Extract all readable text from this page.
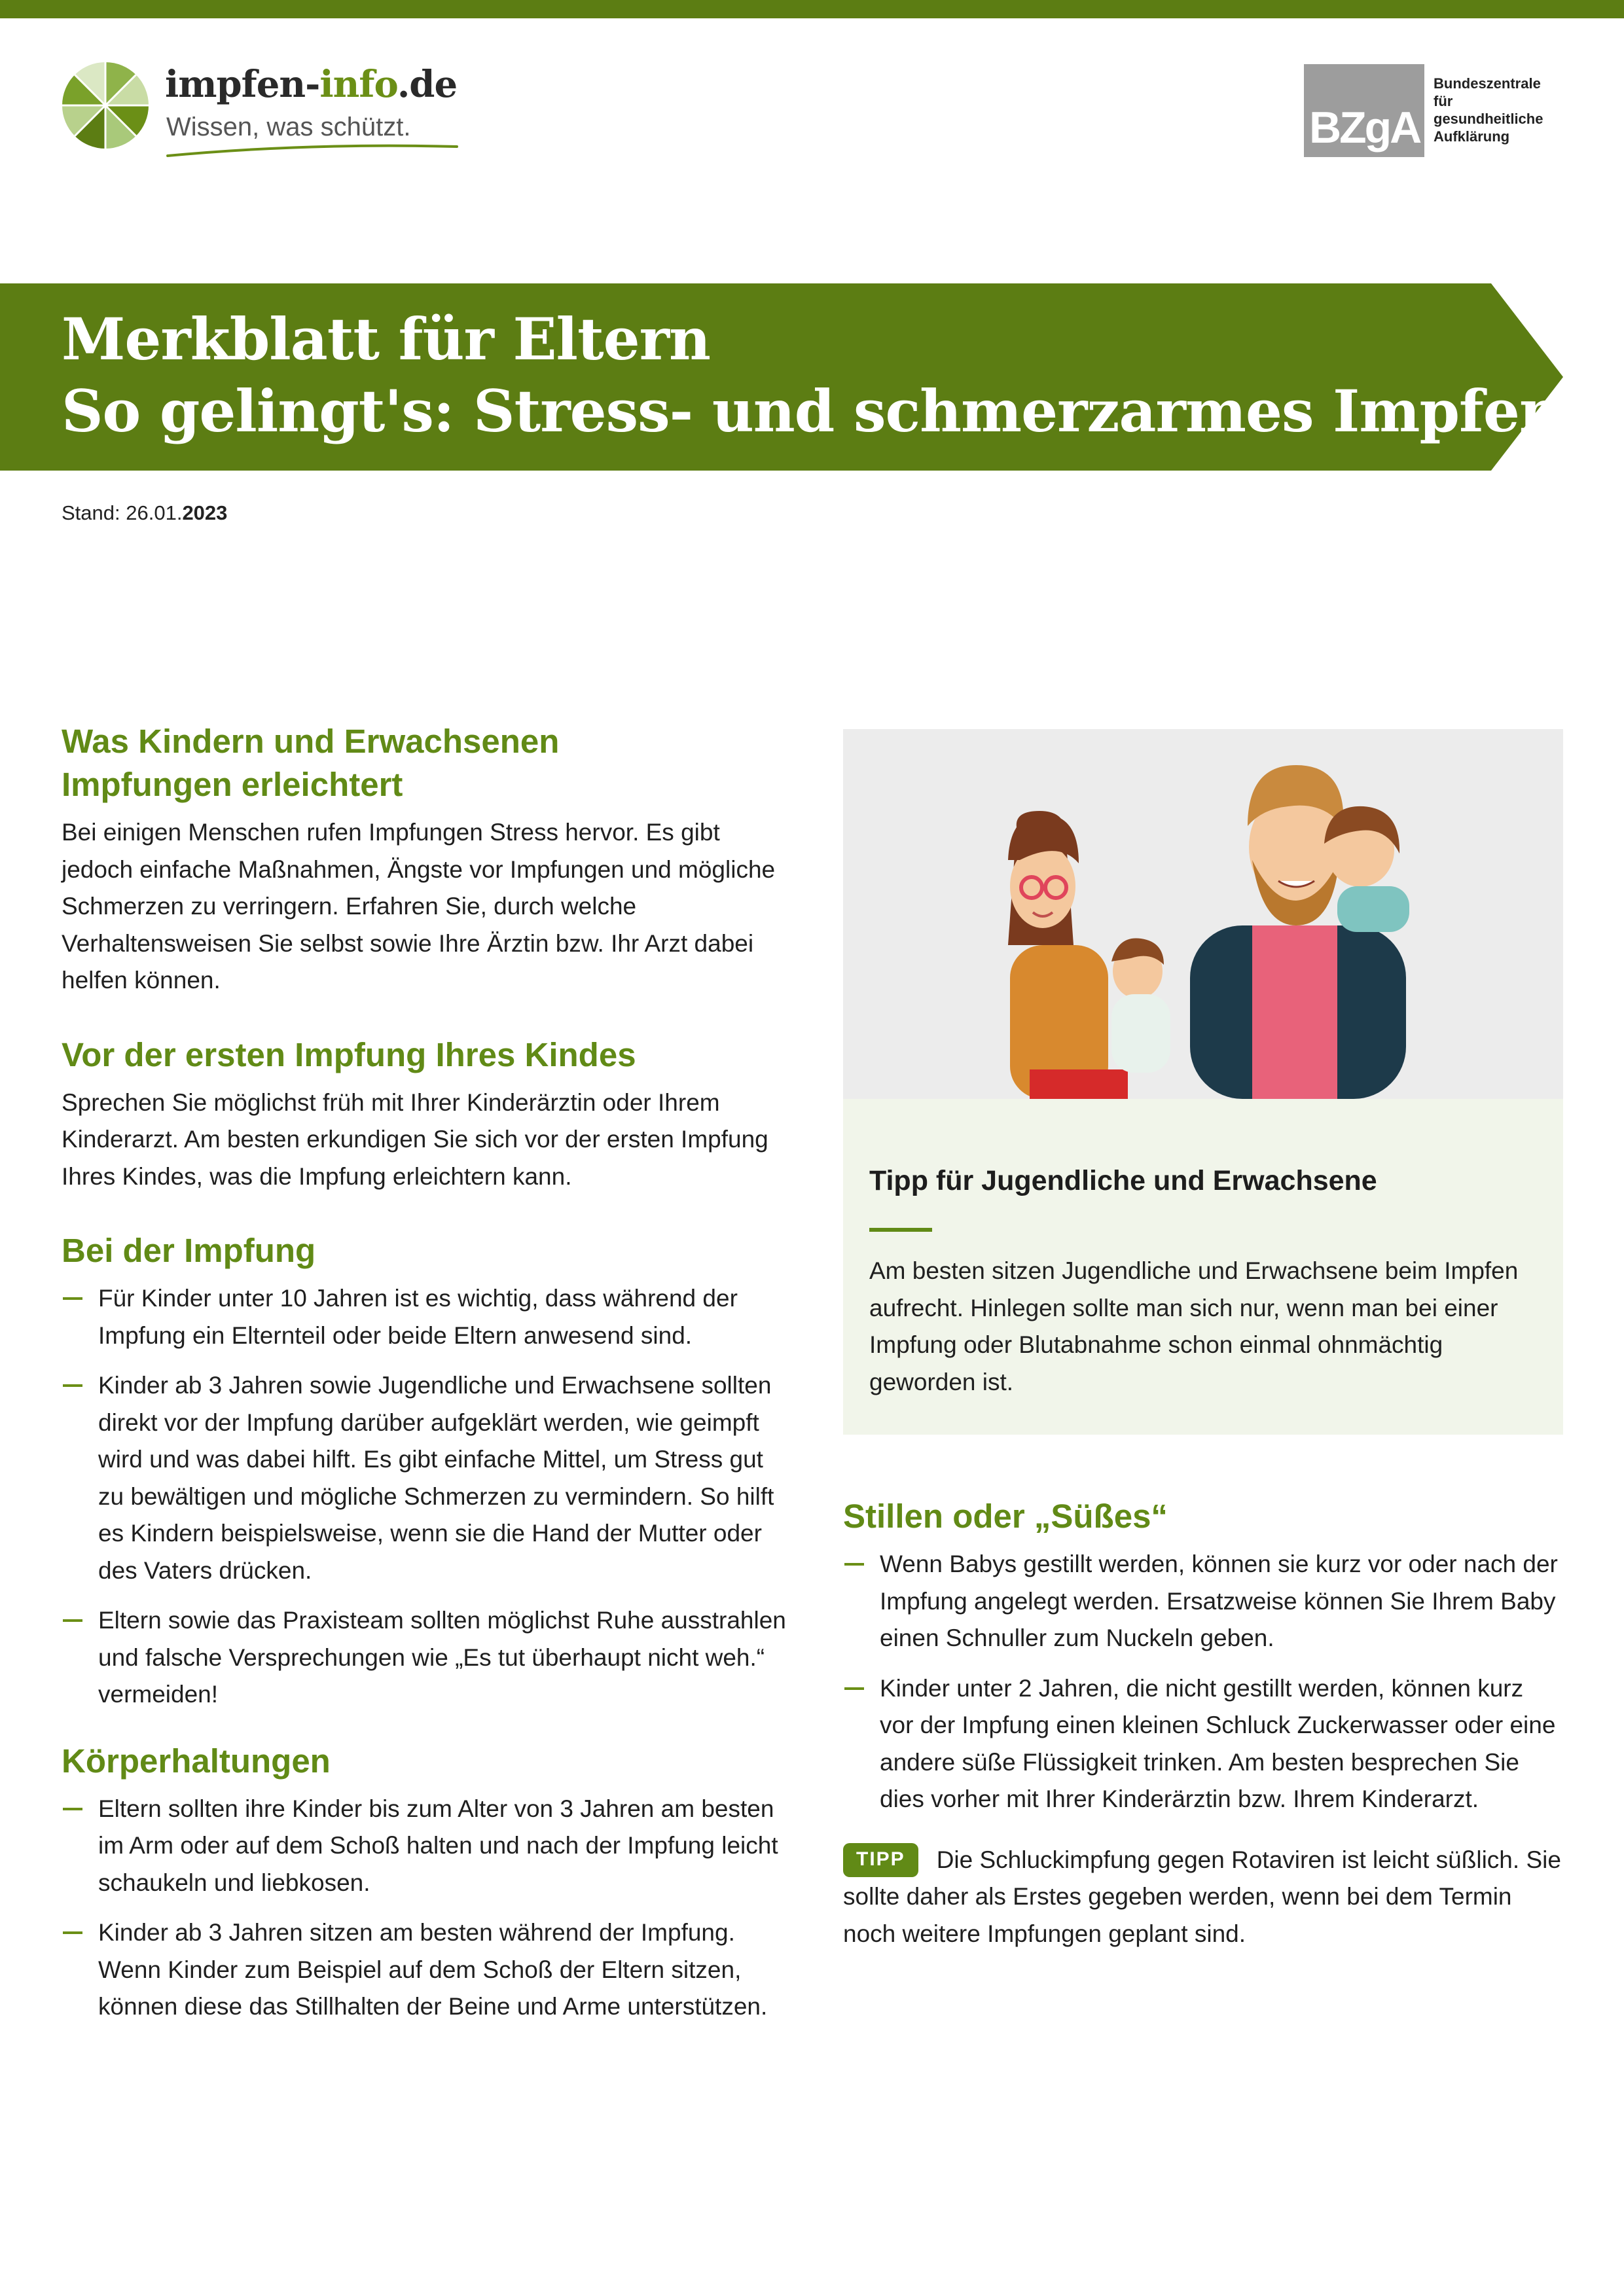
impfen-info.de
Wissen, was schützt.	BZgA
Bundeszentrale
für
gesundheitliche
Aufklärung
Merkblatt für Eltern
So gelingt's: Stress- und schmerzarmes Impfen
Stand: 26.01.2023
Was Kindern und Erwachsenen
Impfungen erleichtert

Bei einigen Menschen rufen Impfungen Stress hervor. Es gibt jedoch einfache Maßnahmen, Ängste vor Impfungen und mögliche Schmerzen zu verringern. Erfahren Sie, durch welche Verhaltensweisen Sie selbst sowie Ihre Ärztin bzw. Ihr Arzt dabei helfen können.

Vor der ersten Impfung Ihres Kindes

Sprechen Sie möglichst früh mit Ihrer Kinderärztin oder Ihrem Kinderarzt. Am besten erkundigen Sie sich vor der ersten Impfung Ihres Kindes, was die Impfung erleichtern kann.

Bei der Impfung
Für Kinder unter 10 Jahren ist es wichtig, dass während der Impfung ein Elternteil oder beide Eltern anwesend sind.
Kinder ab 3 Jahren sowie Jugendliche und Erwachsene sollten direkt vor der Impfung darüber aufgeklärt werden, wie geimpft wird und was dabei hilft. Es gibt einfache Mittel, um Stress gut zu bewältigen und mögliche Schmerzen zu vermindern. So hilft es Kindern beispielsweise, wenn sie die Hand der Mutter oder des Vaters drücken.
Eltern sowie das Praxisteam sollten möglichst Ruhe ausstrahlen und falsche Versprechungen wie „Es tut überhaupt nicht weh.“ vermeiden!
Körperhaltungen
Eltern sollten ihre Kinder bis zum Alter von 3 Jahren am besten im Arm oder auf dem Schoß halten und nach der Impfung leicht schaukeln und liebkosen.
Kinder ab 3 Jahren sitzen am besten während der Impfung. Wenn Kinder zum Beispiel auf dem Schoß der Eltern sitzen, können diese das Stillhalten der Beine und Arme unterstützen.
Tipp für Jugendliche und Erwachsene

Am besten sitzen Jugendliche und Erwachsene beim Impfen aufrecht. Hinlegen sollte man sich nur, wenn man bei einer Impfung oder Blutabnahme schon einmal ohnmächtig geworden ist.

Stillen oder „Süßes“
Wenn Babys gestillt werden, können sie kurz vor oder nach der Impfung angelegt werden. Ersatzweise können Sie Ihrem Baby einen Schnuller zum Nuckeln geben.
Kinder unter 2 Jahren, die nicht gestillt werden, können kurz vor der Impfung einen kleinen Schluck Zuckerwasser oder eine andere süße Flüssigkeit trinken. Am besten besprechen Sie dies vorher mit Ihrer Kinderärztin bzw. Ihrem Kinderarzt.

TIPP Die Schluckimpfung gegen Rotaviren ist leicht süßlich. Sie sollte daher als Erstes gegeben werden, wenn bei dem Termin noch weitere Impfungen geplant sind.
